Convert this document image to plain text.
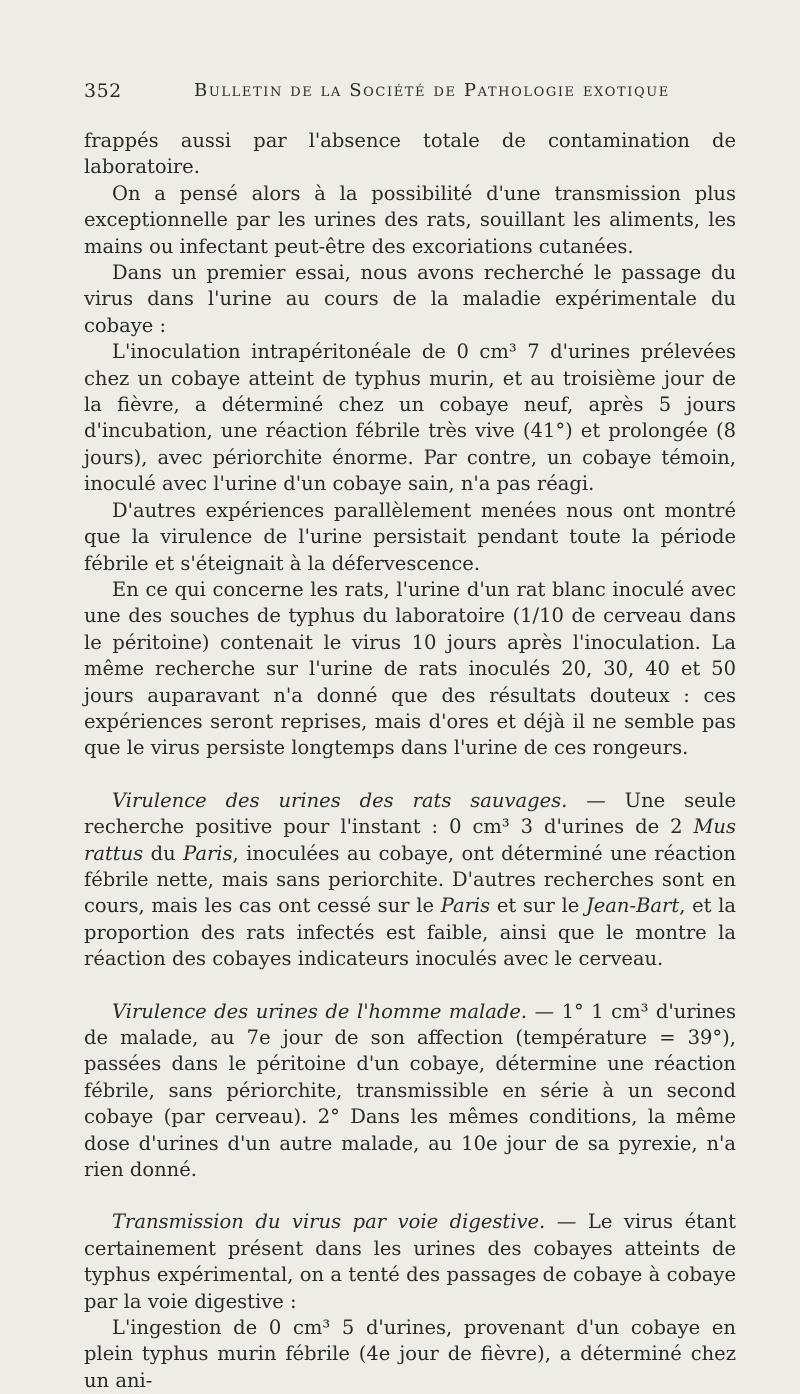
352	Bulletin de la Société de Pathologie exotique

frappés aussi par l'absence totale de contamination de laboratoire.

On a pensé alors à la possibilité d'une transmission plus exceptionnelle par les urines des rats, souillant les aliments, les mains ou infectant peut-être des excoriations cutanées.

Dans un premier essai, nous avons recherché le passage du virus dans l'urine au cours de la maladie expérimentale du cobaye :

L'inoculation intrapéritonéale de 0 cm³ 7 d'urines prélevées chez un cobaye atteint de typhus murin, et au troisième jour de la fièvre, a déterminé chez un cobaye neuf, après 5 jours d'incubation, une réaction fébrile très vive (41°) et prolongée (8 jours), avec périorchite énorme. Par contre, un cobaye témoin, inoculé avec l'urine d'un cobaye sain, n'a pas réagi.

D'autres expériences parallèlement menées nous ont montré que la virulence de l'urine persistait pendant toute la période fébrile et s'éteignait à la défervescence.

En ce qui concerne les rats, l'urine d'un rat blanc inoculé avec une des souches de typhus du laboratoire (1/10 de cerveau dans le péritoine) contenait le virus 10 jours après l'inoculation. La même recherche sur l'urine de rats inoculés 20, 30, 40 et 50 jours auparavant n'a donné que des résultats douteux : ces expériences seront reprises, mais d'ores et déjà il ne semble pas que le virus persiste longtemps dans l'urine de ces rongeurs.

Virulence des urines des rats sauvages. — Une seule recherche positive pour l'instant : 0 cm³ 3 d'urines de 2 Mus rattus du Paris, inoculées au cobaye, ont déterminé une réaction fébrile nette, mais sans periorchite. D'autres recherches sont en cours, mais les cas ont cessé sur le Paris et sur le Jean-Bart, et la proportion des rats infectés est faible, ainsi que le montre la réaction des cobayes indicateurs inoculés avec le cerveau.

Virulence des urines de l'homme malade. — 1° 1 cm³ d'urines de malade, au 7e jour de son affection (température = 39°), passées dans le péritoine d'un cobaye, détermine une réaction fébrile, sans périorchite, transmissible en série à un second cobaye (par cerveau). 2° Dans les mêmes conditions, la même dose d'urines d'un autre malade, au 10e jour de sa pyrexie, n'a rien donné.

Transmission du virus par voie digestive. — Le virus étant certainement présent dans les urines des cobayes atteints de typhus expérimental, on a tenté des passages de cobaye à cobaye par la voie digestive :

L'ingestion de 0 cm³ 5 d'urines, provenant d'un cobaye en plein typhus murin fébrile (4e jour de fièvre), a déterminé chez un ani-
